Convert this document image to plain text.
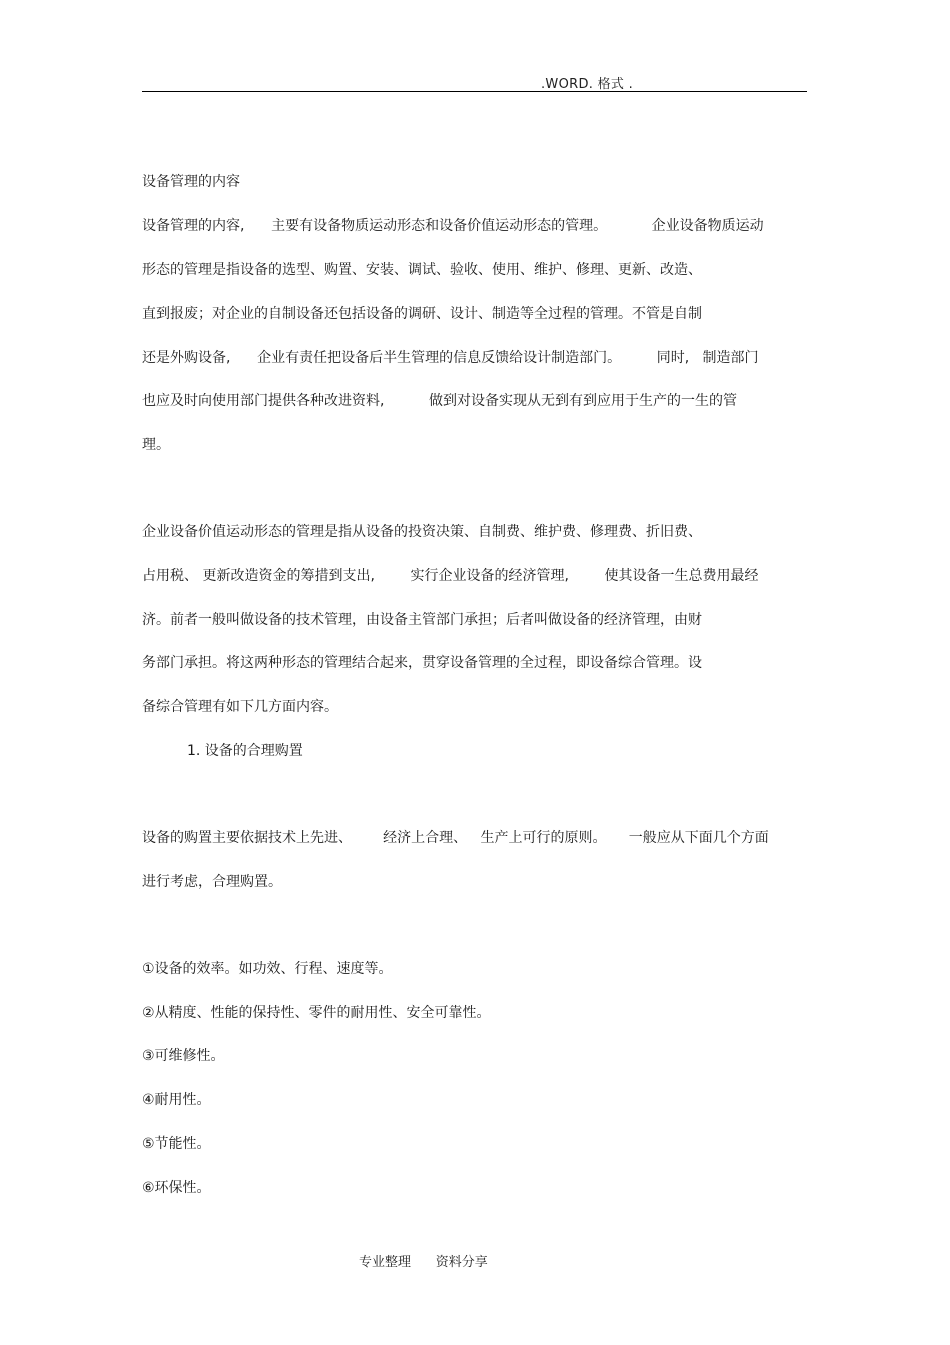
.WORD. 格式 .
设备管理的内容
设备管理的内容,      主要有设备物质运动形态和设备价值运动形态的管理。          企业设备物质运动
形态的管理是指设备的选型、购置、安装、调试、验收、使用、维护、修理、更新、改造、
直到报废；对企业的自制设备还包括设备的调研、设计、制造等全过程的管理。不管是自制
还是外购设备,      企业有责任把设备后半生管理的信息反馈给设计制造部门。        同时,   制造部门
也应及时向使用部门提供各种改进资料,          做到对设备实现从无到有到应用于生产的一生的管
理。
企业设备价值运动形态的管理是指从设备的投资决策、自制费、维护费、修理费、折旧费、
占用税、 更新改造资金的筹措到支出,        实行企业设备的经济管理,        使其设备一生总费用最经
济。前者一般叫做设备的技术管理，由设备主管部门承担；后者叫做设备的经济管理，由财
务部门承担。将这两种形态的管理结合起来，贯穿设备管理的全过程，即设备综合管理。设
备综合管理有如下几方面内容。
1. 设备的合理购置
设备的购置主要依据技术上先进、       经济上合理、   生产上可行的原则。     一般应从下面几个方面
进行考虑，合理购置。
①设备的效率。如功效、行程、速度等。
②从精度、性能的保持性、零件的耐用性、安全可靠性。
③可维修性。
④耐用性。
⑤节能性。
⑥环保性。
专业整理      资料分享
